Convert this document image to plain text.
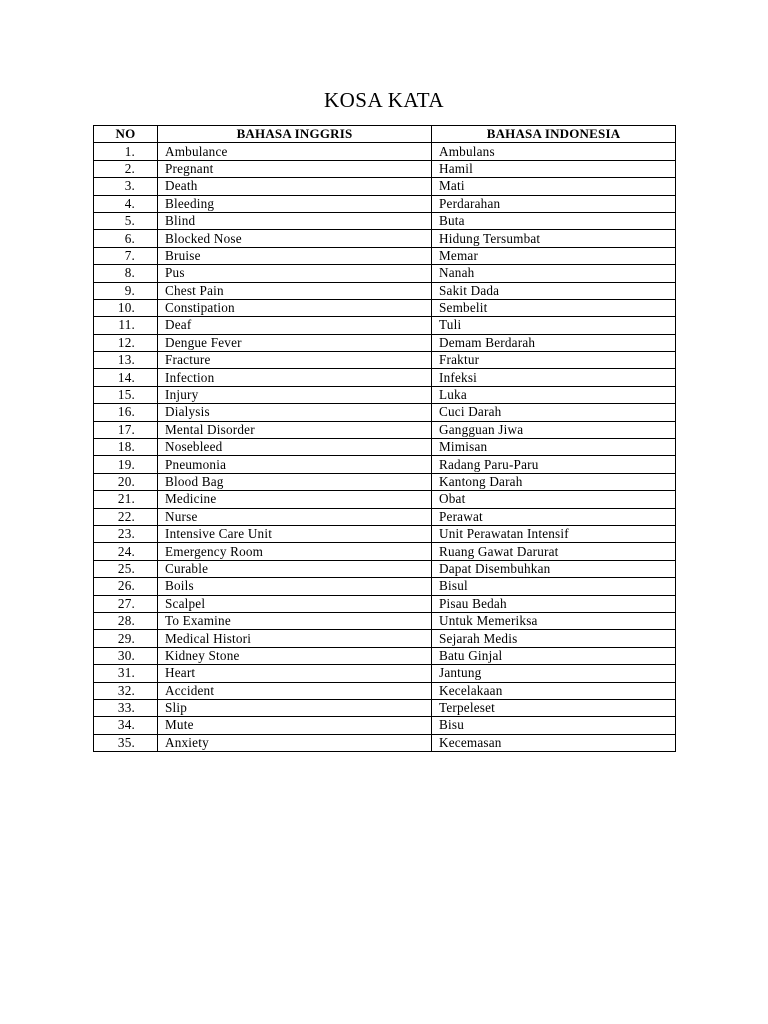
KOSA KATA
NO	BAHASA INGGRIS	BAHASA INDONESIA
1.	Ambulance	Ambulans
2.	Pregnant	Hamil
3.	Death	Mati
4.	Bleeding	Perdarahan
5.	Blind	Buta
6.	Blocked Nose	Hidung Tersumbat
7.	Bruise	Memar
8.	Pus	Nanah
9.	Chest Pain	Sakit Dada
10.	Constipation	Sembelit
11.	Deaf	Tuli
12.	Dengue Fever	Demam Berdarah
13.	Fracture	Fraktur
14.	Infection	Infeksi
15.	Injury	Luka
16.	Dialysis	Cuci Darah
17.	Mental Disorder	Gangguan Jiwa
18.	Nosebleed	Mimisan
19.	Pneumonia	Radang Paru-Paru
20.	Blood Bag	Kantong Darah
21.	Medicine	Obat
22.	Nurse	Perawat
23.	Intensive Care Unit	Unit Perawatan Intensif
24.	Emergency Room	Ruang Gawat Darurat
25.	Curable	Dapat Disembuhkan
26.	Boils	Bisul
27.	Scalpel	Pisau Bedah
28.	To Examine	Untuk Memeriksa
29.	Medical Histori	Sejarah Medis
30.	Kidney Stone	Batu Ginjal
31.	Heart	Jantung
32.	Accident	Kecelakaan
33.	Slip	Terpeleset
34.	Mute	Bisu
35.	Anxiety	Kecemasan
